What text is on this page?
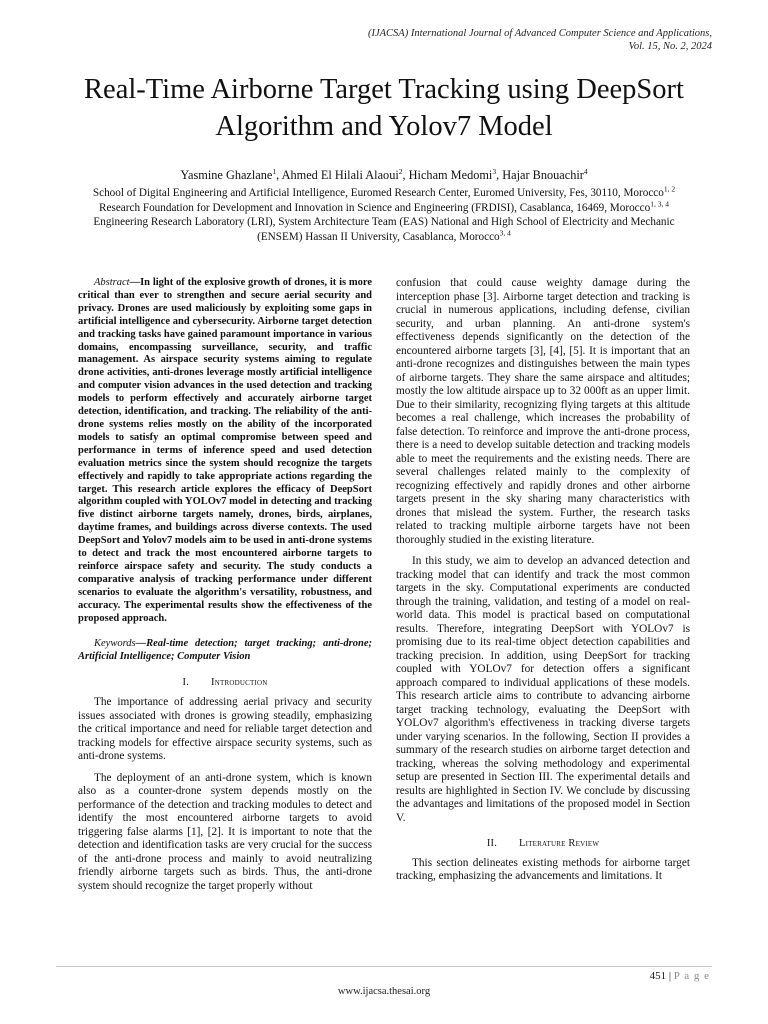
(IJACSA) International Journal of Advanced Computer Science and Applications,
Vol. 15, No. 2, 2024
Real-Time Airborne Target Tracking using DeepSort
Algorithm and Yolov7 Model
Yasmine Ghazlane$^1$, Ahmed El Hilali Alaoui$^2$, Hicham Medomi$^3$, Hajar Bnouachir$^4$
School of Digital Engineering and Artificial Intelligence, Euromed Research Center, Euromed University, Fes, 30110, Morocco$^{1, 2}$
Research Foundation for Development and Innovation in Science and Engineering (FRDISI), Casablanca, 16469, Morocco$^{1, 3, 4}$
Engineering Research Laboratory (LRI), System Architecture Team (EAS) National and High School of Electricity and Mechanic
(ENSEM) Hassan II University, Casablanca, Morocco$^{3, 4}$

Abstract—In light of the explosive growth of drones, it is more critical than ever to strengthen and secure aerial security and privacy. Drones are used maliciously by exploiting some gaps in artificial intelligence and cybersecurity. Airborne target detection and tracking tasks have gained paramount importance in various domains, encompassing surveillance, security, and traffic management. As airspace security systems aiming to regulate drone activities, anti-drones leverage mostly artificial intelligence and computer vision advances in the used detection and tracking models to perform effectively and accurately airborne target detection, identification, and tracking. The reliability of the anti-drone systems relies mostly on the ability of the incorporated models to satisfy an optimal compromise between speed and performance in terms of inference speed and used detection evaluation metrics since the system should recognize the targets effectively and rapidly to take appropriate actions regarding the target. This research article explores the efficacy of DeepSort algorithm coupled with YOLOv7 model in detecting and tracking five distinct airborne targets namely, drones, birds, airplanes, daytime frames, and buildings across diverse contexts. The used DeepSort and Yolov7 models aim to be used in anti-drone systems to detect and track the most encountered airborne targets to reinforce airspace safety and security. The study conducts a comparative analysis of tracking performance under different scenarios to evaluate the algorithm's versatility, robustness, and accuracy. The experimental results show the effectiveness of the proposed approach.

Keywords—Real-time detection; target tracking; anti-drone; Artificial Intelligence; Computer Vision

I. Introduction

The importance of addressing aerial privacy and security issues associated with drones is growing steadily, emphasizing the critical importance and need for reliable target detection and tracking models for effective airspace security systems, such as anti-drone systems.

The deployment of an anti-drone system, which is known also as a counter-drone system depends mostly on the performance of the detection and tracking modules to detect and identify the most encountered airborne targets to avoid triggering false alarms [1], [2]. It is important to note that the detection and identification tasks are very crucial for the success of the anti-drone process and mainly to avoid neutralizing friendly airborne targets such as birds. Thus, the anti-drone system should recognize the target properly without

confusion that could cause weighty damage during the interception phase [3]. Airborne target detection and tracking is crucial in numerous applications, including defense, civilian security, and urban planning. An anti-drone system's effectiveness depends significantly on the detection of the encountered airborne targets [3], [4], [5]. It is important that an anti-drone recognizes and distinguishes between the main types of airborne targets. They share the same airspace and altitudes; mostly the low altitude airspace up to 32 000ft as an upper limit. Due to their similarity, recognizing flying targets at this altitude becomes a real challenge, which increases the probability of false detection. To reinforce and improve the anti-drone process, there is a need to develop suitable detection and tracking models able to meet the requirements and the existing needs. There are several challenges related mainly to the complexity of recognizing effectively and rapidly drones and other airborne targets present in the sky sharing many characteristics with drones that mislead the system. Further, the research tasks related to tracking multiple airborne targets have not been thoroughly studied in the existing literature.

In this study, we aim to develop an advanced detection and tracking model that can identify and track the most common targets in the sky. Computational experiments are conducted through the training, validation, and testing of a model on real-world data. This model is practical based on computational results. Therefore, integrating DeepSort with YOLOv7 is promising due to its real-time object detection capabilities and tracking precision. In addition, using DeepSort for tracking coupled with YOLOv7 for detection offers a significant approach compared to individual applications of these models. This research article aims to contribute to advancing airborne target tracking technology, evaluating the DeepSort with YOLOv7 algorithm's effectiveness in tracking diverse targets under varying scenarios. In the following, Section II provides a summary of the research studies on airborne target detection and tracking, whereas the solving methodology and experimental setup are presented in Section III. The experimental details and results are highlighted in Section IV. We conclude by discussing the advantages and limitations of the proposed model in Section V.

II. Literature Review

This section delineates existing methods for airborne target tracking, emphasizing the advancements and limitations. It

451 | P a g e
www.ijacsa.thesai.org
